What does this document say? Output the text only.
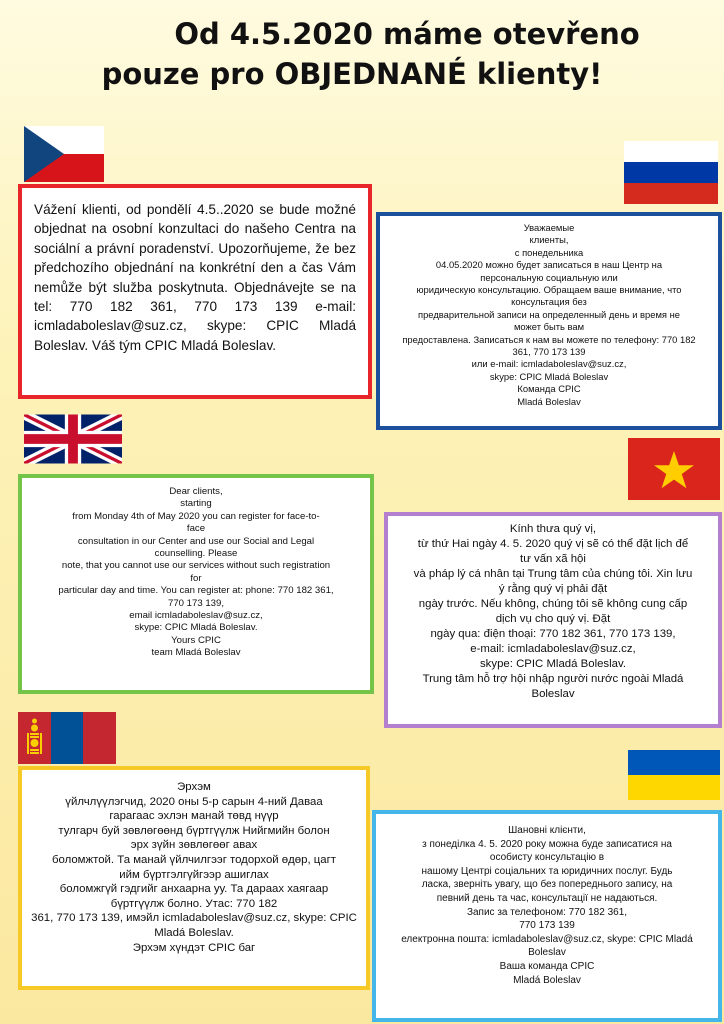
Od 4.5.2020 máme otevřeno
pouze pro OBJEDNANÉ klienty!
Vážení klienti, od pondělí 4.5..2020 se bude možné objednat na osobní konzultaci do našeho Centra na sociální a právní poradenství. Upozorňujeme, že bez předchozího objednání na konkrétní den a čas Vám nemůže být služba poskytnuta. Objednávejte se na tel: 770 182 361, 770 173 139 e-mail: icmladaboleslav@suz.cz, skype: CPIC Mladá Boleslav. Váš tým CPIC Mladá Boleslav.
Уважаемые
клиенты,
с понедельника
04.05.2020 можно будет записаться в наш Центр на
персональную социальную или
юридическую консультацию. Обращаем ваше внимание, что
консультация без
предварительной записи на определенный день и время не
может быть вам
предоставлена. Записаться к нам вы можете по телефону: 770 182
361, 770 173 139
или e-mail: icmladaboleslav@suz.cz,
skype: CPIC Mladá Boleslav
Команда CPIC
Mladá Boleslav
Dear clients,
starting
from Monday 4th of May 2020 you can register for face-to-
face
consultation in our Center and use our Social and Legal
counselling. Please
note, that you cannot use our services without such registration
for
particular day and time. You can register at: phone: 770 182 361,
770 173 139,
email icmladaboleslav@suz.cz,
skype: CPIC Mladá Boleslav.
Yours CPIC
team Mladá Boleslav
Kính thưa quý vị,
từ thứ Hai ngày 4. 5. 2020 quý vị sẽ có thể đặt lịch để
tư vấn xã hội
và pháp lý cá nhân tại Trung tâm của chúng tôi. Xin lưu
ý rằng quý vị phải đặt
ngày trước. Nếu không, chúng tôi sẽ không cung cấp
dịch vụ cho quý vị. Đặt
ngày qua: điện thoại: 770 182 361, 770 173 139,
e-mail: icmladaboleslav@suz.cz,
skype: CPIC Mladá Boleslav.
Trung tâm hỗ trợ hội nhập người nước ngoài Mladá
Boleslav
Эрхэм
үйлчлүүлэгчид, 2020 оны 5-р сарын 4-ний Даваа
гарагаас эхлэн манай төвд нүүр
тулгарч буй зөвлөгөөнд бүртгүүлж Нийгмийн болон
эрх зүйн зөвлөгөөг авах
боломжтой. Та манай үйлчилгээг тодорхой өдөр, цагт
ийм бүртгэлгүйгээр ашиглах
боломжгүй гэдгийг анхаарна уу. Та дараах хаягаар
бүртгүүлж болно. Утас: 770 182
361, 770 173 139, имэйл icmladaboleslav@suz.cz, skype: CPIC
Mladá Boleslav.
Эрхэм хүндэт CPIC баг
Шановні клієнти,
з понеділка 4. 5. 2020 року можна буде записатися на
особисту консультацію в
нашому Центрі соціальних та юридичних послуг. Будь
ласка, зверніть увагу, що без попереднього запису, на
певний день та час, консультації не надаються.
Запис за телефоном: 770 182 361,
770 173 139
електронна пошта: icmladaboleslav@suz.cz, skype: CPIC Mladá
Boleslav
Ваша команда CPIC
Mladá Boleslav
